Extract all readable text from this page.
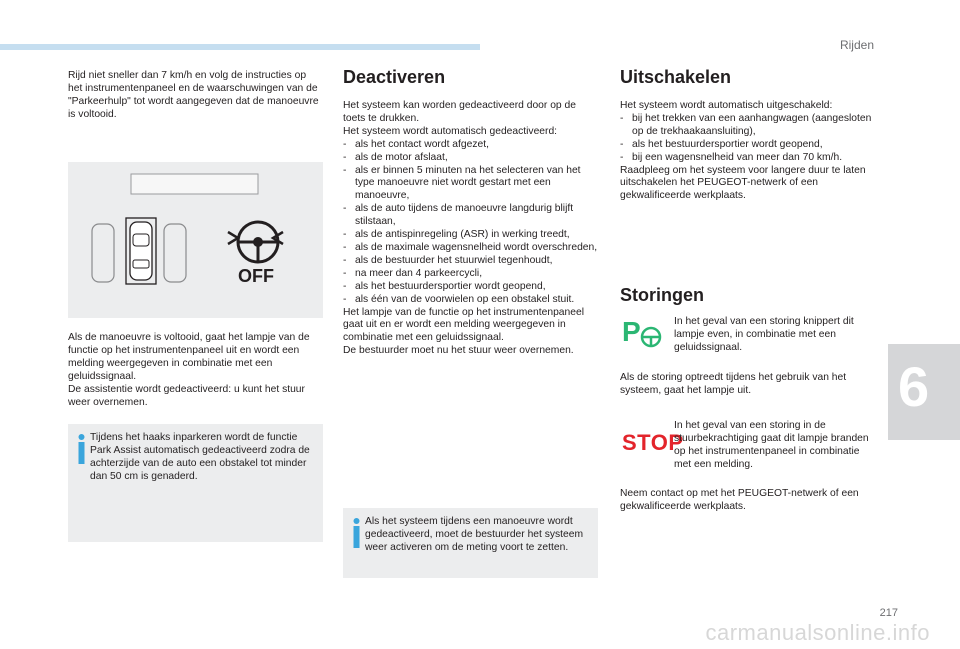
Rijden

Rijd niet sneller dan 7 km/h en volg de instructies op het instrumentenpaneel en de waarschuwingen van de "Parkeerhulp" tot wordt aangegeven dat de manoeuvre is voltooid.

OFF

Als de manoeuvre is voltooid, gaat het lampje van de functie op het instrumentenpaneel uit en wordt een melding weergegeven in combinatie met een geluidssignaal.

De assistentie wordt gedeactiveerd: u kunt het stuur weer overnemen.

Tijdens het haaks inparkeren wordt de functie Park Assist automatisch gedeactiveerd zodra de achterzijde van de auto een obstakel tot minder dan 50 cm is genaderd.
Deactiveren

Het systeem kan worden gedeactiveerd door op de toets te drukken.

Het systeem wordt automatisch gedeactiveerd:

- als het contact wordt afgezet,
- als de motor afslaat,
- als er binnen 5 minuten na het selecteren van het type manoeuvre niet wordt gestart met een manoeuvre,
- als de auto tijdens de manoeuvre langdurig blijft stilstaan,
- als de antispinregeling (ASR) in werking treedt,
- als de maximale wagensnelheid wordt overschreden,
- als de bestuurder het stuurwiel tegenhoudt,
- na meer dan 4 parkeercycli,
- als het bestuurdersportier wordt geopend,
- als één van de voorwielen op een obstakel stuit.

Het lampje van de functie op het instrumentenpaneel gaat uit en er wordt een melding weergegeven in combinatie met een geluidssignaal.

De bestuurder moet nu het stuur weer overnemen.

Als het systeem tijdens een manoeuvre wordt gedeactiveerd, moet de bestuurder het systeem weer activeren om de meting voort te zetten.
Uitschakelen

Het systeem wordt automatisch uitgeschakeld:

- bij het trekken van een aanhangwagen (aangesloten op de trekhaakaansluiting),
- als het bestuurdersportier wordt geopend,
- bij een wagensnelheid van meer dan 70 km/h.

Raadpleeg om het systeem voor langere duur te laten uitschakelen het PEUGEOT-netwerk of een gekwalificeerde werkplaats.

Storingen
P	In het geval van een storing knippert dit lampje even, in combinatie met een geluidssignaal.
Als de storing optreedt tijdens het gebruik van het systeem, gaat het lampje uit.
STOP
In het geval van een storing in de stuurbekrachtiging gaat dit lampje branden op het instrumentenpaneel in combinatie met een melding.
Neem contact op met het PEUGEOT-netwerk of een gekwalificeerde werkplaats.
6
217
carmanualsonline.info
